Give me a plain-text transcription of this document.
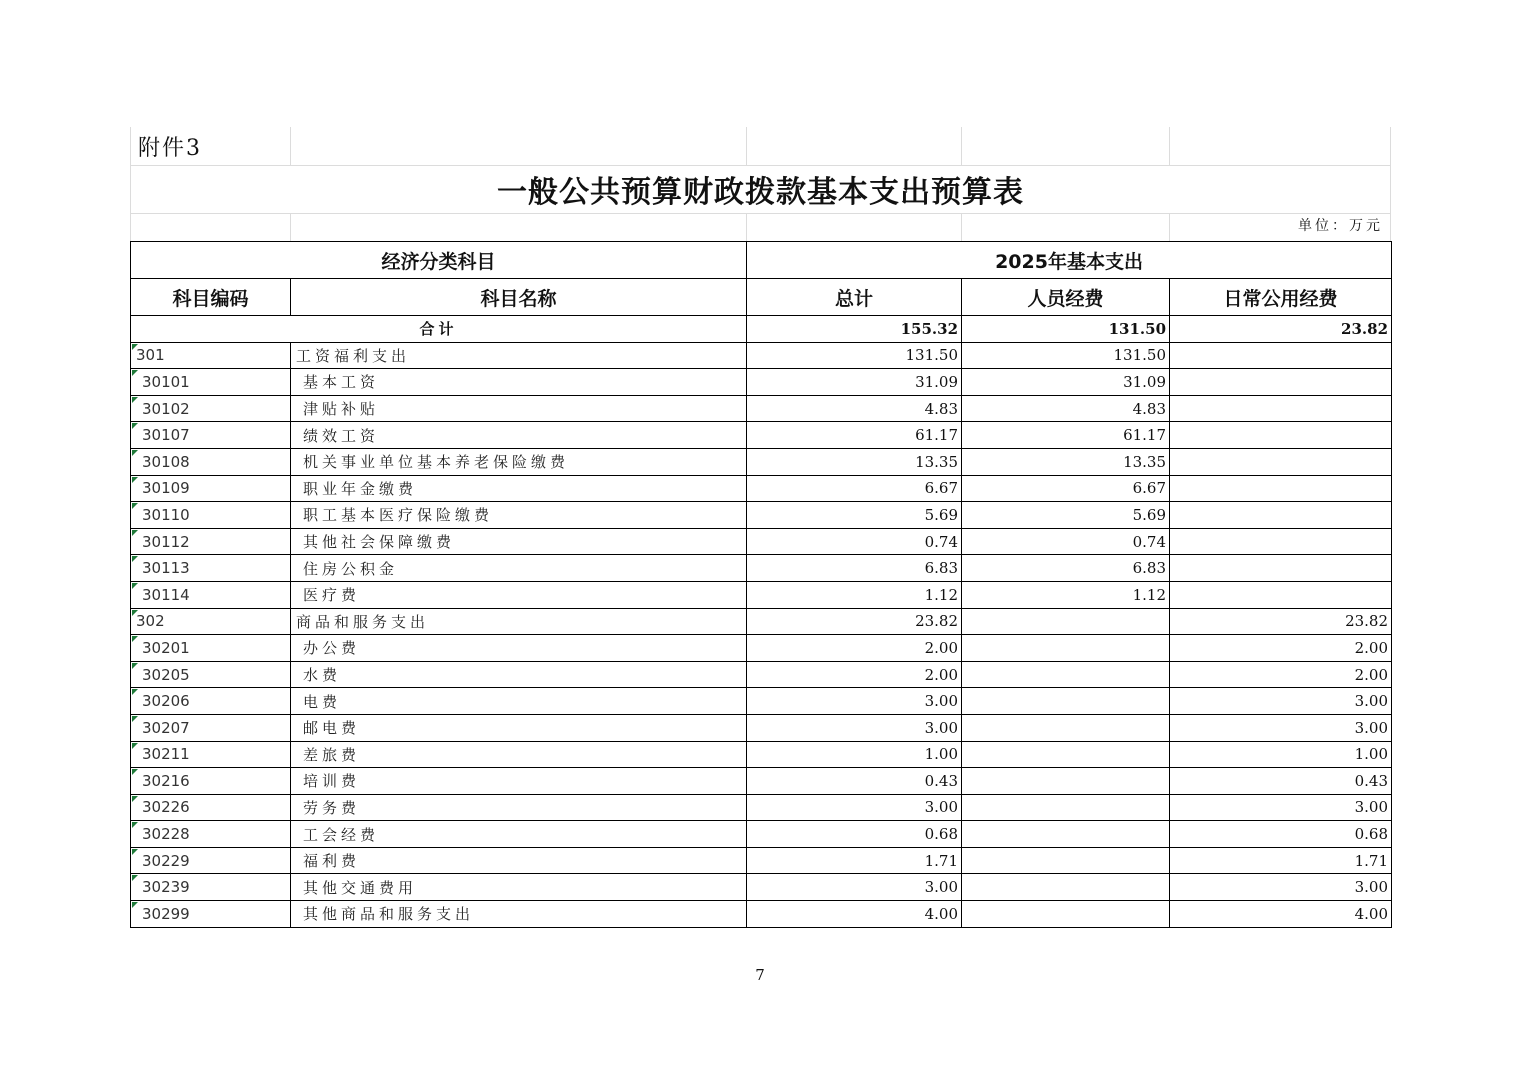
附件3
一般公共预算财政拨款基本支出预算表
单位：万元
经济分类科目		2025年基本支出		
科目编码	科目名称	总计	人员经费	日常公用经费
合计		155.32	131.50	23.82
301	工资福利支出	131.50	131.50	
30101	基本工资	31.09	31.09	
30102	津贴补贴	4.83	4.83	
30107	绩效工资	61.17	61.17	
30108	机关事业单位基本养老保险缴费	13.35	13.35	
30109	职业年金缴费	6.67	6.67	
30110	职工基本医疗保险缴费	5.69	5.69	
30112	其他社会保障缴费	0.74	0.74	
30113	住房公积金	6.83	6.83	
30114	医疗费	1.12	1.12	
302	商品和服务支出	23.82		23.82
30201	办公费	2.00		2.00
30205	水费	2.00		2.00
30206	电费	3.00		3.00
30207	邮电费	3.00		3.00
30211	差旅费	1.00		1.00
30216	培训费	0.43		0.43
30226	劳务费	3.00		3.00
30228	工会经费	0.68		0.68
30229	福利费	1.71		1.71
30239	其他交通费用	3.00		3.00
30299	其他商品和服务支出	4.00		4.00
7
